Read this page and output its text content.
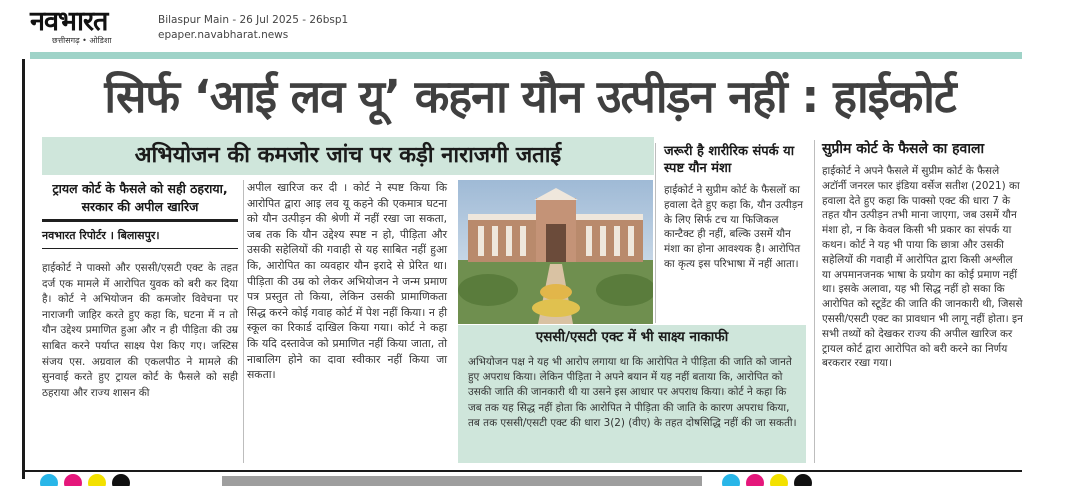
नवभारत
छत्तीसगढ़ • ओडिशा
Bilaspur Main - 26 Jul 2025 - 26bsp1
epaper.navabharat.news
सिर्फ ‘आई लव यू’ कहना यौन उत्पीड़न नहीं : हाईकोर्ट
अभियोजन की कमजोर जांच पर कड़ी नाराजगी जताई
ट्रायल कोर्ट के फैसले को सही ठहराया, सरकार की अपील खारिज
नवभारत रिपोर्टर । बिलासपुर।

हाईकोर्ट ने पाक्सो और एससी/एसटी एक्ट के तहत दर्ज एक मामले में आरोपित युवक को बरी कर दिया है। कोर्ट ने अभियोजन की कमजोर विवेचना पर नाराजगी जाहिर करते हुए कहा कि, घटना में न तो यौन उद्देश्य प्रमाणित हुआ और न ही पीड़िता की उम्र साबित करने पर्याप्त साक्ष्य पेश किए गए। जस्टिस संजय एस. अग्रवाल की एकलपीठ ने मामले की सुनवाई करते हुए ट्रायल कोर्ट के फैसले को सही ठहराया और राज्य शासन की

अपील खारिज कर दी । कोर्ट ने स्पष्ट किया कि आरोपित द्वारा आइ लव यू कहने की एकमात्र घटना को यौन उत्पीड़न की श्रेणी में नहीं रखा जा सकता, जब तक कि यौन उद्देश्य स्पष्ट न हो, पीड़िता और उसकी सहेलियों की गवाही से यह साबित नहीं हुआ कि, आरोपित का व्यवहार यौन इरादे से प्रेरित था। पीड़िता की उम्र को लेकर अभियोजन ने जन्म प्रमाण पत्र प्रस्तुत तो किया, लेकिन उसकी प्रामाणिकता सिद्ध करने कोई गवाह कोर्ट में पेश नहीं किया। न ही स्कूल का रिकार्ड दाखिल किया गया। कोर्ट ने कहा कि यदि दस्तावेज को प्रमाणित नहीं किया जाता, तो नाबालिग होने का दावा स्वीकार नहीं किया जा सकता।

जरूरी है शारीरिक संपर्क या स्पष्ट यौन मंशा

हाईकोर्ट ने सुप्रीम कोर्ट के फैसलों का हवाला देते हुए कहा कि, यौन उत्पीड़न के लिए सिर्फ टच या फिजिकल कान्टैक्ट ही नहीं, बल्कि उसमें यौन मंशा का होना आवश्यक है। आरोपित का कृत्य इस परिभाषा में नहीं आता।

सुप्रीम कोर्ट के फैसले का हवाला

हाईकोर्ट ने अपने फैसले में सुप्रीम कोर्ट के फैसले अटॉर्नी जनरल फार इंडिया वर्सेज सतीश (2021) का हवाला देते हुए कहा कि पाक्सो एक्ट की धारा 7 के तहत यौन उत्पीड़न तभी माना जाएगा, जब उसमें यौन मंशा हो, न कि केवल किसी भी प्रकार का संपर्क या कथन। कोर्ट ने यह भी पाया कि छात्रा और उसकी सहेलियों की गवाही में आरोपित द्वारा किसी अश्लील या अपमानजनक भाषा के प्रयोग का कोई प्रमाण नहीं था। इसके अलावा, यह भी सिद्ध नहीं हो सका कि आरोपित को स्टूडेंट की जाति की जानकारी थी, जिससे एससी/एसटी एक्ट का प्रावधान भी लागू नहीं होता। इन सभी तथ्यों को देखकर राज्य की अपील खारिज कर ट्रायल कोर्ट द्वारा आरोपित को बरी करने का निर्णय बरकरार रखा गया।

एससी/एसटी एक्ट में भी साक्ष्य नाकाफी

अभियोजन पक्ष ने यह भी आरोप लगाया था कि आरोपित ने पीड़िता की जाति को जानते हुए अपराध किया। लेकिन पीड़िता ने अपने बयान में यह नहीं बताया कि, आरोपित को उसकी जाति की जानकारी थी या उसने इस आधार पर अपराध किया। कोर्ट ने कहा कि जब तक यह सिद्ध नहीं होता कि आरोपित ने पीड़िता की जाति के कारण अपराध किया, तब तक एससी/एसटी एक्ट की धारा 3(2) (वीए) के तहत दोषसिद्धि नहीं की जा सकती।
